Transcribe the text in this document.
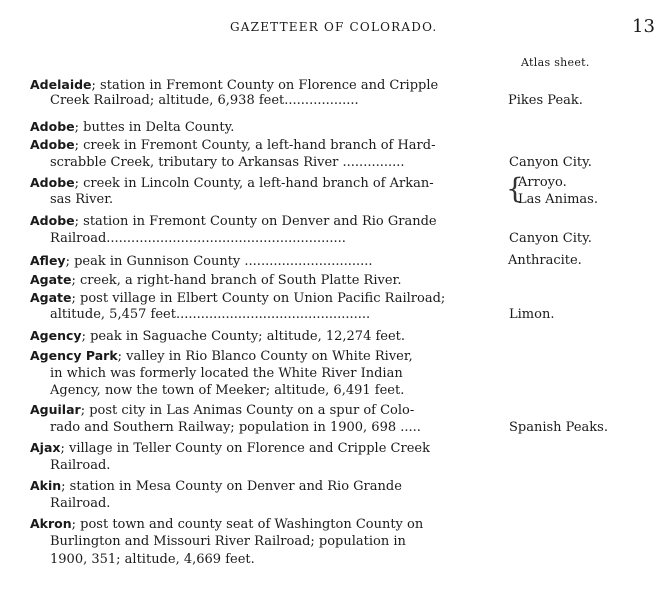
GAZETTEER OF COLORADO.	13
Atlas sheet.
Adelaide; station in Fremont County on Florence and Cripple
Creek Railroad; altitude, 6,938 feet..................	Pikes Peak.
Adobe; buttes in Delta County.
Adobe; creek in Fremont County, a left-hand branch of Hard-
scrabble Creek, tributary to Arkansas River ...............	Canyon City.
Adobe; creek in Lincoln County, a left-hand branch of Arkan-	Arroyo.
sas River.	Las Animas.
Adobe; station in Fremont County on Denver and Rio Grande
Railroad..........................................................	Canyon City.
Afley; peak in Gunnison County ...............................	Anthracite.
Agate; creek, a right-hand branch of South Platte River.
Agate; post village in Elbert County on Union Pacific Railroad;
altitude, 5,457 feet...............................................	Limon.
Agency; peak in Saguache County; altitude, 12,274 feet.
Agency Park; valley in Rio Blanco County on White River,
in which was formerly located the White River Indian
Agency, now the town of Meeker; altitude, 6,491 feet.
Aguilar; post city in Las Animas County on a spur of Colo-
rado and Southern Railway; population in 1900, 698 .....	Spanish Peaks.
Ajax; village in Teller County on Florence and Cripple Creek
Railroad.
Akin; station in Mesa County on Denver and Rio Grande
Railroad.
Akron; post town and county seat of Washington County on
Burlington and Missouri River Railroad; population in
1900, 351; altitude, 4,669 feet.
{
